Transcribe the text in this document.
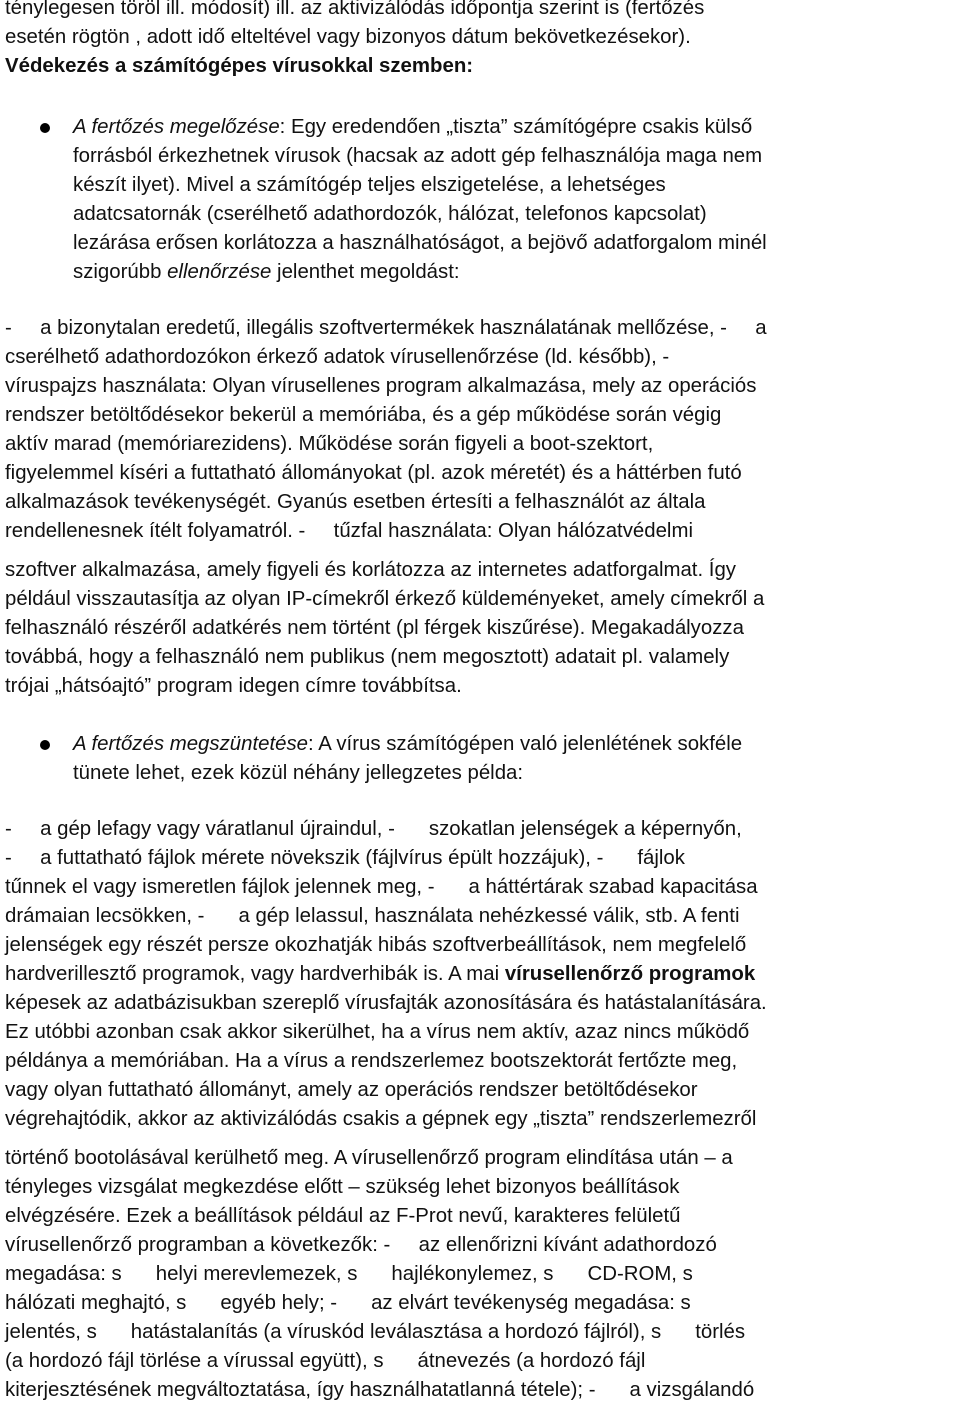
ténylegesen töröl ill. módosít) ill. az aktivizálódás időpontja szerint is (fertőzés
esetén rögtön , adott idő elteltével vagy bizonyos dátum bekövetkezésekor).
Védekezés a számítógépes vírusokkal szemben:
A fertőzés megelőzése: Egy eredendően „tiszta” számítógépre csakis külső
forrásból érkezhetnek vírusok (hacsak az adott gép felhasználója maga nem
készít ilyet). Mivel a számítógép teljes elszigetelése, a lehetséges
adatcsatornák (cserélhető adathordozók, hálózat, telefonos kapcsolat)
lezárása erősen korlátozza a használhatóságot, a bejövő adatforgalom minél
szigorúbb ellenőrzése jelenthet megoldást:
-     a bizonytalan eredetű, illegális szoftvertermékek használatának mellőzése, -     a
cserélhető adathordozókon érkező adatok vírusellenőrzése (ld. később), -
víruspajzs használata: Olyan vírusellenes program alkalmazása, mely az operációs
rendszer betöltődésekor bekerül a memóriába, és a gép működése során végig
aktív marad (memóriarezidens). Működése során figyeli a boot-szektort,
figyelemmel kíséri a futtatható állományokat (pl. azok méretét) és a háttérben futó
alkalmazások tevékenységét. Gyanús esetben értesíti a felhasználót az általa
rendellenesnek ítélt folyamatról. -     tűzfal használata: Olyan hálózatvédelmi
szoftver alkalmazása, amely figyeli és korlátozza az internetes adatforgalmat. Így
például visszautasítja az olyan IP-címekről érkező küldeményeket, amely címekről a
felhasználó részéről adatkérés nem történt (pl férgek kiszűrése). Megakadályozza
továbbá, hogy a felhasználó nem publikus (nem megosztott) adatait pl. valamely
trójai „hátsóajtó” program idegen címre továbbítsa.
A fertőzés megszüntetése: A vírus számítógépen való jelenlétének sokféle
tünete lehet, ezek közül néhány jellegzetes példa:
-     a gép lefagy vagy váratlanul újraindul, -      szokatlan jelenségek a képernyőn,
-     a futtatható fájlok mérete növekszik (fájlvírus épült hozzájuk), -      fájlok
tűnnek el vagy ismeretlen fájlok jelennek meg, -      a háttértárak szabad kapacitása
drámaian lecsökken, -      a gép lelassul, használata nehézkessé válik, stb. A fenti
jelenségek egy részét persze okozhatják hibás szoftverbeállítások, nem megfelelő
hardverillesztő programok, vagy hardverhibák is. A mai vírusellenőrző programok
képesek az adatbázisukban szereplő vírusfajták azonosítására és hatástalanítására.
Ez utóbbi azonban csak akkor sikerülhet, ha a vírus nem aktív, azaz nincs működő
példánya a memóriában. Ha a vírus a rendszerlemez bootszektorát fertőzte meg,
vagy olyan futtatható állományt, amely az operációs rendszer betöltődésekor
végrehajtódik, akkor az aktivizálódás csakis a gépnek egy „tiszta” rendszerlemezről
történő bootolásával kerülhető meg. A vírusellenőrző program elindítása után – a
tényleges vizsgálat megkezdése előtt – szükség lehet bizonyos beállítások
elvégzésére. Ezek a beállítások például az F-Prot nevű, karakteres felületű
vírusellenőrző programban a következők: -     az ellenőrizni kívánt adathordozó
megadása: s      helyi merevlemezek, s      hajlékonylemez, s      CD-ROM, s
hálózati meghajtó, s      egyéb hely; -      az elvárt tevékenység megadása: s
jelentés, s      hatástalanítás (a víruskód leválasztása a hordozó fájlról), s      törlés
(a hordozó fájl törlése a vírussal együtt), s      átnevezés (a hordozó fájl
kiterjesztésének megváltoztatása, így használhatatlanná tétele); -      a vizsgálandó
